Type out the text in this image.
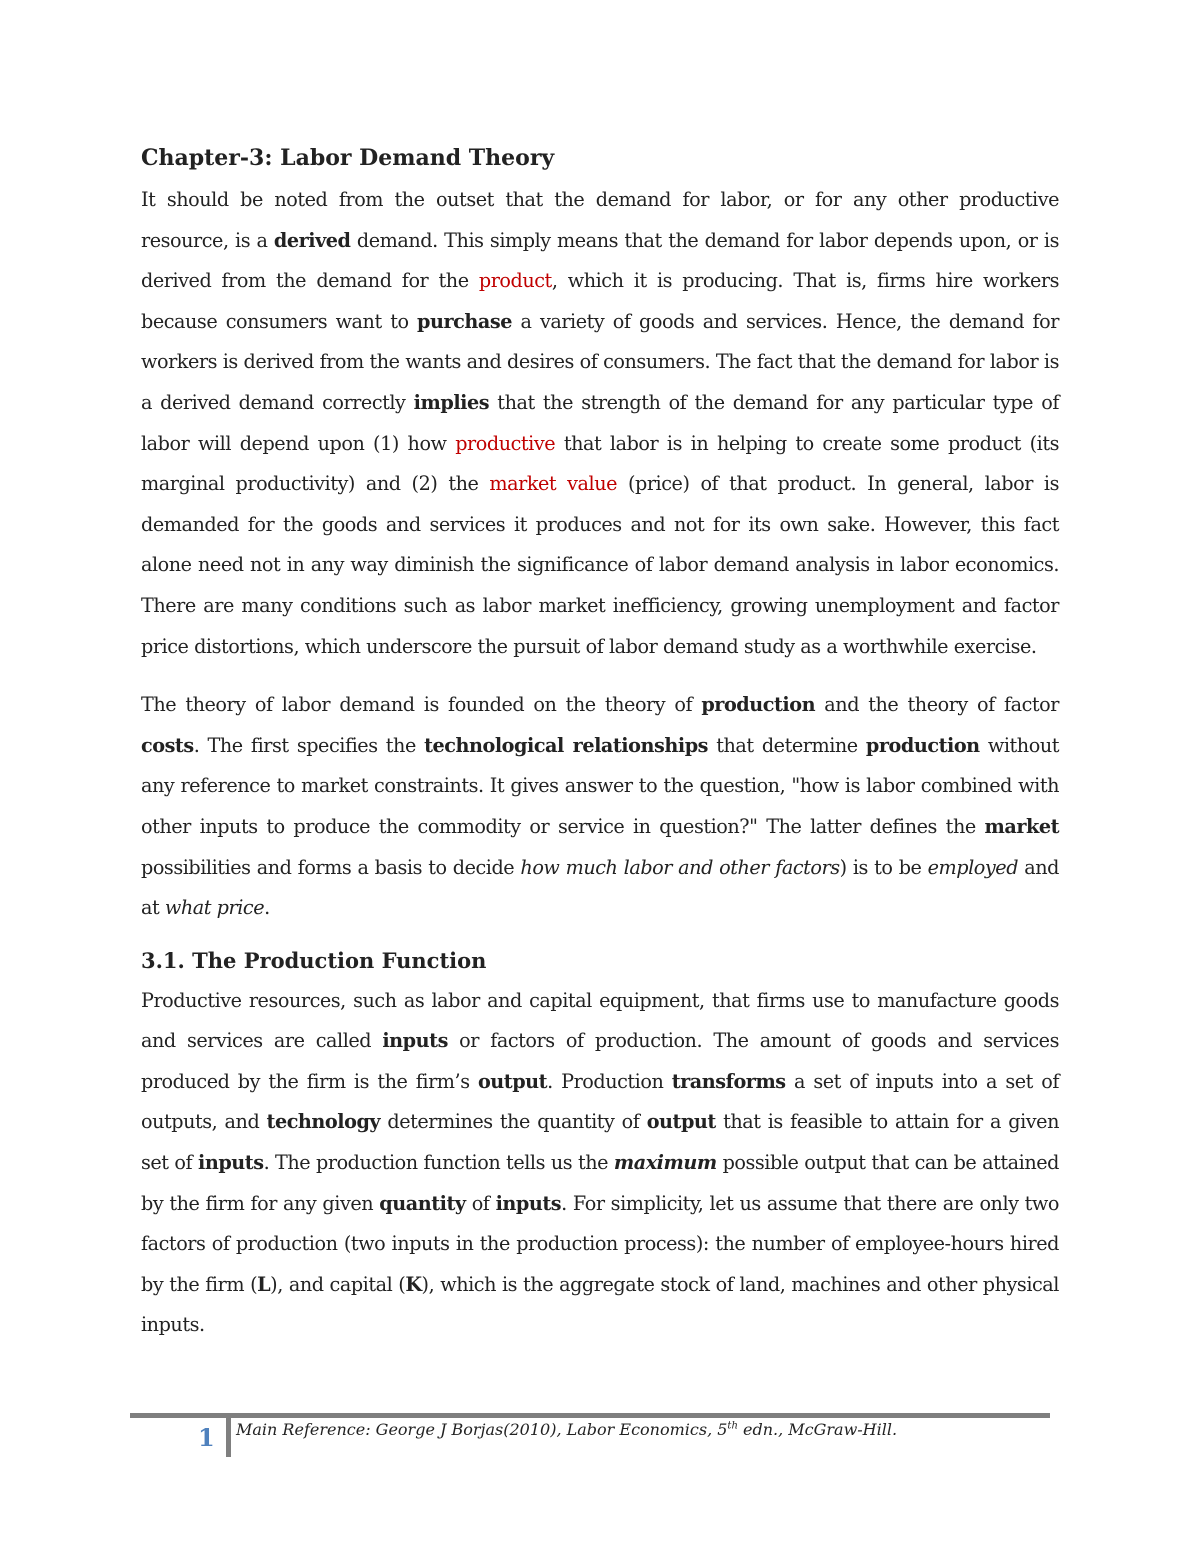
Chapter-3: Labor Demand Theory

It should be noted from the outset that the demand for labor, or for any other productive resource, is a derived demand. This simply means that the demand for labor depends upon, or is derived from the demand for the product, which it is producing. That is, firms hire workers because consumers want to purchase a variety of goods and services. Hence, the demand for workers is derived from the wants and desires of consumers. The fact that the demand for labor is a derived demand correctly implies that the strength of the demand for any particular type of labor will depend upon (1) how productive that labor is in helping to create some product (its marginal productivity) and (2) the market value (price) of that product. In general, labor is demanded for the goods and services it produces and not for its own sake. However, this fact alone need not in any way diminish the significance of labor demand analysis in labor economics. There are many conditions such as labor market inefficiency, growing unemployment and factor price distortions, which underscore the pursuit of labor demand study as a worthwhile exercise.

The theory of labor demand is founded on the theory of production and the theory of factor costs. The first specifies the technological relationships that determine production without any reference to market constraints. It gives answer to the question, "how is labor combined with other inputs to produce the commodity or service in question?" The latter defines the market possibilities and forms a basis to decide how much labor and other factors) is to be employed and at what price.

3.1. The Production Function

Productive resources, such as labor and capital equipment, that firms use to manufacture goods and services are called inputs or factors of production. The amount of goods and services produced by the firm is the firm’s output. Production transforms a set of inputs into a set of outputs, and technology determines the quantity of output that is feasible to attain for a given set of inputs. The production function tells us the maximum possible output that can be attained by the firm for any given quantity of inputs. For simplicity, let us assume that there are only two factors of production (two inputs in the production process): the number of employee-hours hired by the firm (L), and capital (K), which is the aggregate stock of land, machines and other physical inputs.

1 Main Reference: George J Borjas(2010), Labor Economics, 5th edn., McGraw-Hill.
